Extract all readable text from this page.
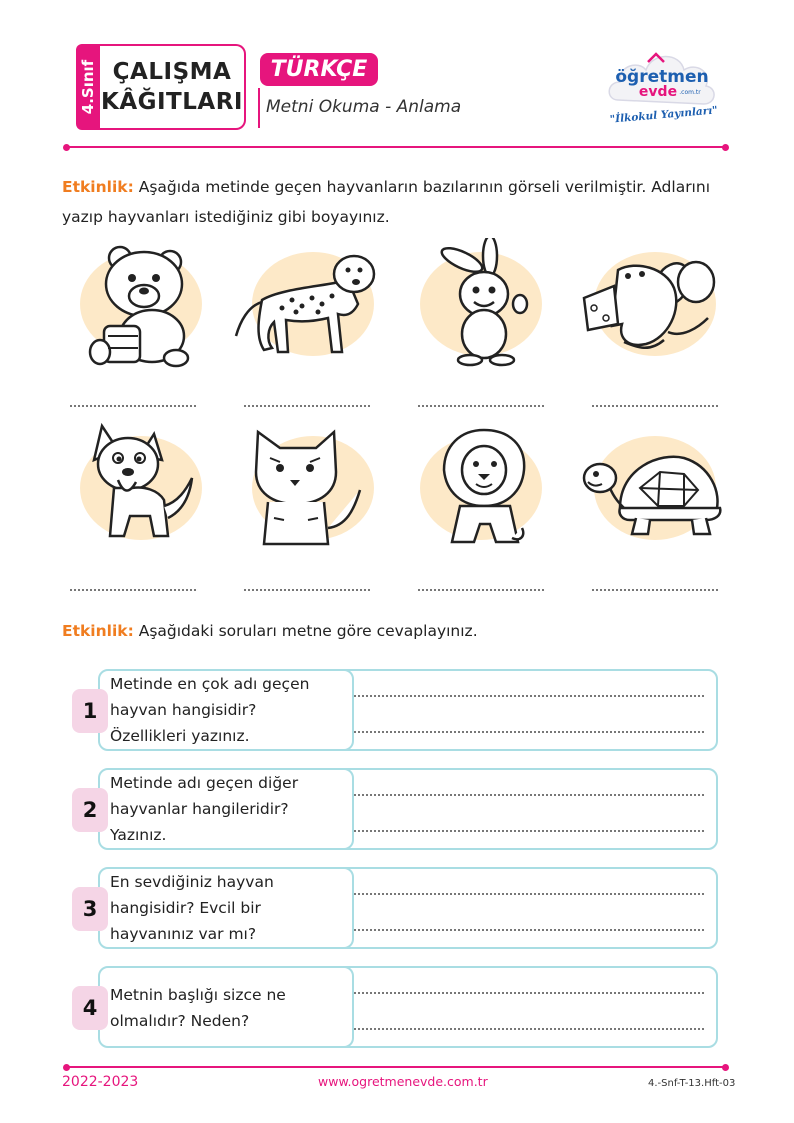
4.Sınıf ÇALIŞMA
KÂĞITLARI
TÜRKÇE
Metni Okuma - Anlama
öğretmen
evde .com.tr
"İlkokul Yayınları"
Etkinlik: Aşağıda metinde geçen hayvanların bazılarının görseli verilmiştir. Adlarını yazıp hayvanları istediğiniz gibi boyayınız.
Etkinlik: Aşağıdaki soruları metne göre cevaplayınız.
1
Metinde en çok adı geçen hayvan hangisidir? Özellikleri yazınız.
2
Metinde adı geçen diğer hayvanlar hangileridir? Yazınız.
3
En sevdiğiniz hayvan hangisidir? Evcil bir hayvanınız var mı?
4
Metnin başlığı sizce ne olmalıdır? Neden?
2022-2023	www.ogretmenevde.com.tr	4.-Snf-T-13.Hft-03
